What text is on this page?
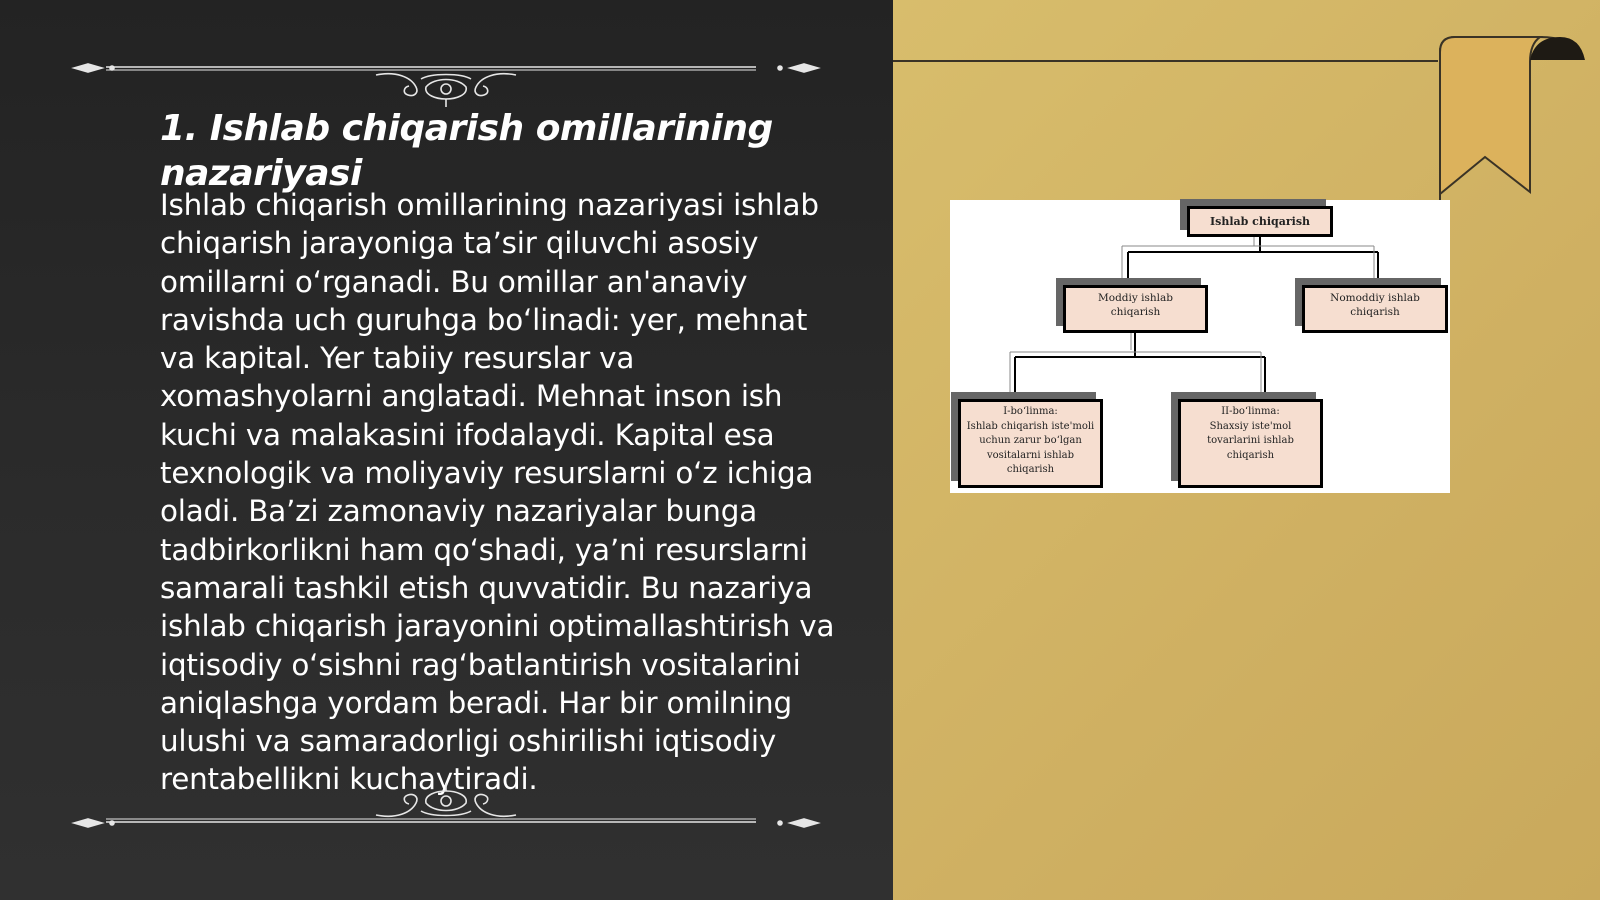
1. Ishlab chiqarish omillarining nazariyasi

Ishlab chiqarish omillarining nazariyasi ishlab chiqarish jarayoniga ta’sir qiluvchi asosiy omillarni o‘rganadi. Bu omillar an'anaviy ravishda uch guruhga bo‘linadi: yer, mehnat va kapital. Yer tabiiy resurslar va xomashyolarni anglatadi. Mehnat inson ish kuchi va malakasini ifodalaydi. Kapital esa texnologik va moliyaviy resurslarni o‘z ichiga oladi. Ba’zi zamonaviy nazariyalar bunga tadbirkorlikni ham qo‘shadi, ya’ni resurslarni samarali tashkil etish quvvatidir. Bu nazariya ishlab chiqarish jarayonini optimallashtirish va iqtisodiy o‘sishni rag‘batlantirish vositalarini aniqlashga yordam beradi. Har bir omilning ulushi va samaradorligi oshirilishi iqtisodiy rentabellikni kuchaytiradi.

Ishlab chiqarish
Moddiy ishlab
chiqarish
Nomoddiy ishlab
chiqarish
I-bo‘linma:
Ishlab chiqarish iste'moli
uchun zarur bo‘lgan
vositalarni ishlab
chiqarish
II-bo‘linma:
Shaxsiy iste'mol
tovarlarini ishlab
chiqarish
